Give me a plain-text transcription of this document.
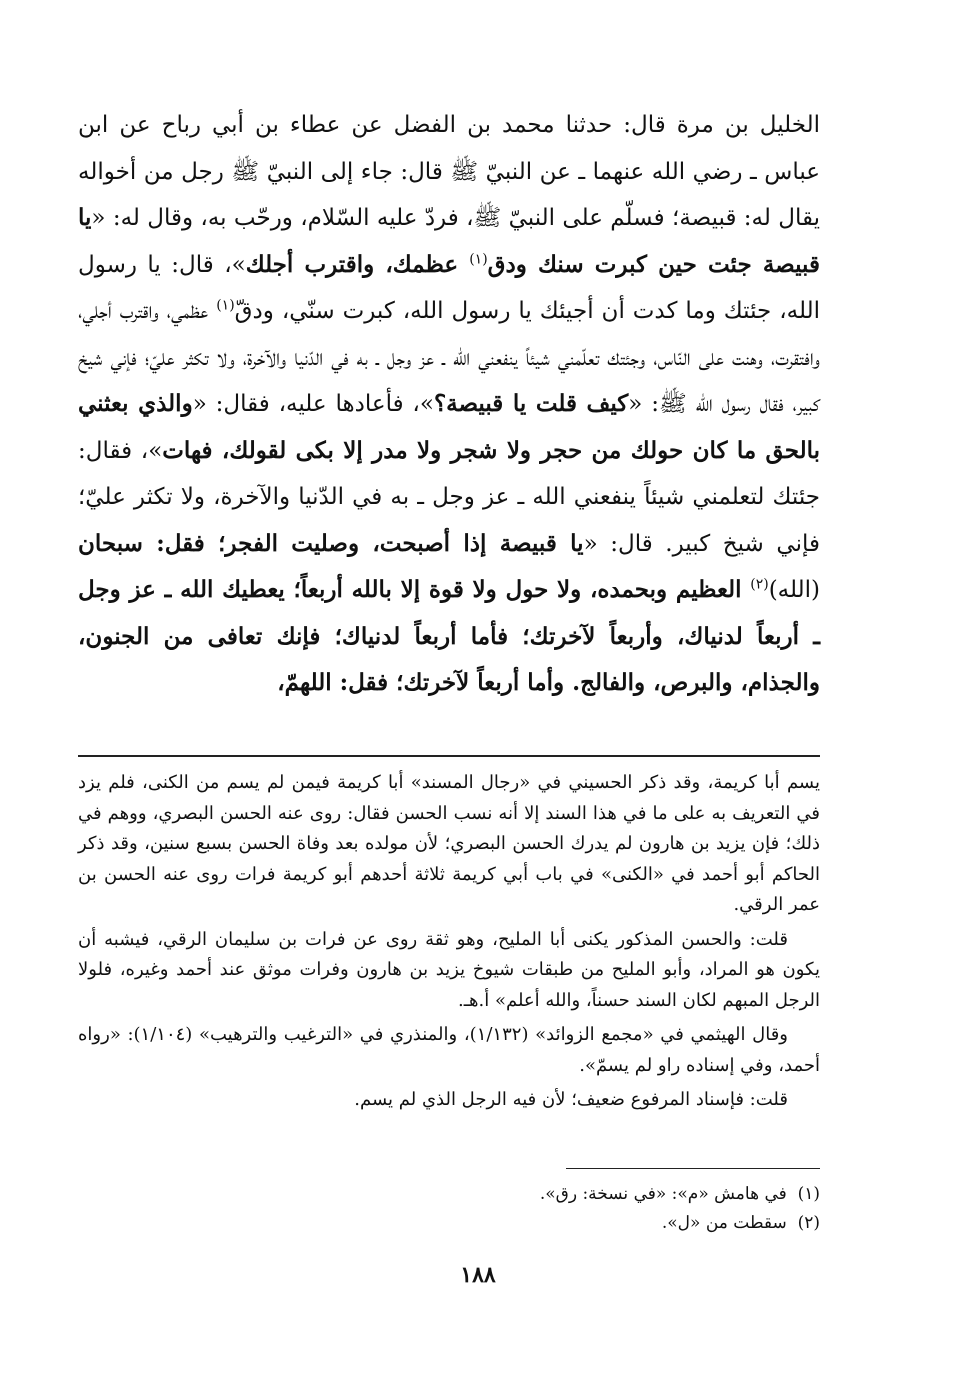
الخليل بن مرة قال: حدثنا محمد بن الفضل عن عطاء بن أبي رباح عن ابن عباس ـ رضي الله عنهما ـ عن النبيّ ﷺ قال: جاء إلى النبيّ ﷺ رجل من أخواله يقال له: قبيصة؛ فسلّم على النبيّ ﷺ، فردّ عليه السّلام، ورحّب به، وقال له: «يا قبيصة جئت حين كبرت سنك ودق$^{(١)}$ عظمك، واقترب أجلك»، قال: يا رسول الله، جئتك وما كدت أن أجيئك يا رسول الله، كبرت سنّي، ودقّ$^{(١)}$ عظمي، واقترب أجلي، وافتقرت، وهنت على النّاس، وجئتك تعلّمني شيئاً ينفعني الله ـ عز وجل ـ به في الدّنيا والآخرة، ولا تكثر عليّ؛ فإني شيخ كبير، فقال رسول الله ﷺ: «كيف قلت يا قبيصة؟»، فأعادها عليه، فقال: «والذي بعثني بالحق ما كان حولك من حجر ولا شجر ولا مدر إلا بكى لقولك، فهات»، فقال: جئتك لتعلمني شيئاً ينفعني الله ـ عز وجل ـ به في الدّنيا والآخرة، ولا تكثر عليّ؛ فإني شيخ كبير. قال: «يا قبيصة إذا أصبحت، وصليت الفجر؛ فقل: سبحان (الله)$^{(٢)}$ العظيم وبحمده، ولا حول ولا قوة إلا بالله أربعاً؛ يعطيك الله ـ عز وجل ـ أربعاً لدنياك، وأربعاً لآخرتك؛ فأما أربعاً لدنياك؛ فإنك تعافى من الجنون، والجذام، والبرص، والفالج. وأما أربعاً لآخرتك؛ فقل: اللهمّ،

يسم أبا كريمة، وقد ذكر الحسيني في «رجال المسند» أبا كريمة فيمن لم يسم من الكنى، فلم يزد في التعريف به على ما في هذا السند إلا أنه نسب الحسن فقال: روى عنه الحسن البصري، ووهم في ذلك؛ فإن يزيد بن هارون لم يدرك الحسن البصري؛ لأن مولده بعد وفاة الحسن بسبع سنين، وقد ذكر الحاكم أبو أحمد في «الكنى» في باب أبي كريمة ثلاثة أحدهم أبو كريمة فرات روى عنه الحسن بن عمر الرقي.

قلت: والحسن المذكور يكنى أبا المليح، وهو ثقة روى عن فرات بن سليمان الرقي، فيشبه أن يكون هو المراد، وأبو المليح من طبقات شيوخ يزيد بن هارون وفرات موثق عند أحمد وغيره، فلولا الرجل المبهم لكان السند حسناً، والله أعلم» أ.هـ.

وقال الهيثمي في «مجمع الزوائد» (١/١٣٢)، والمنذري في «الترغيب والترهيب» (١/١٠٤): «رواه أحمد، وفي إسناده راو لم يسمّ».

قلت: فإسناد المرفوع ضعيف؛ لأن فيه الرجل الذي لم يسم.

(١)  في هامش «م»: «في نسخة: رق».
(٢)  سقطت من «ل».
١٨٨
